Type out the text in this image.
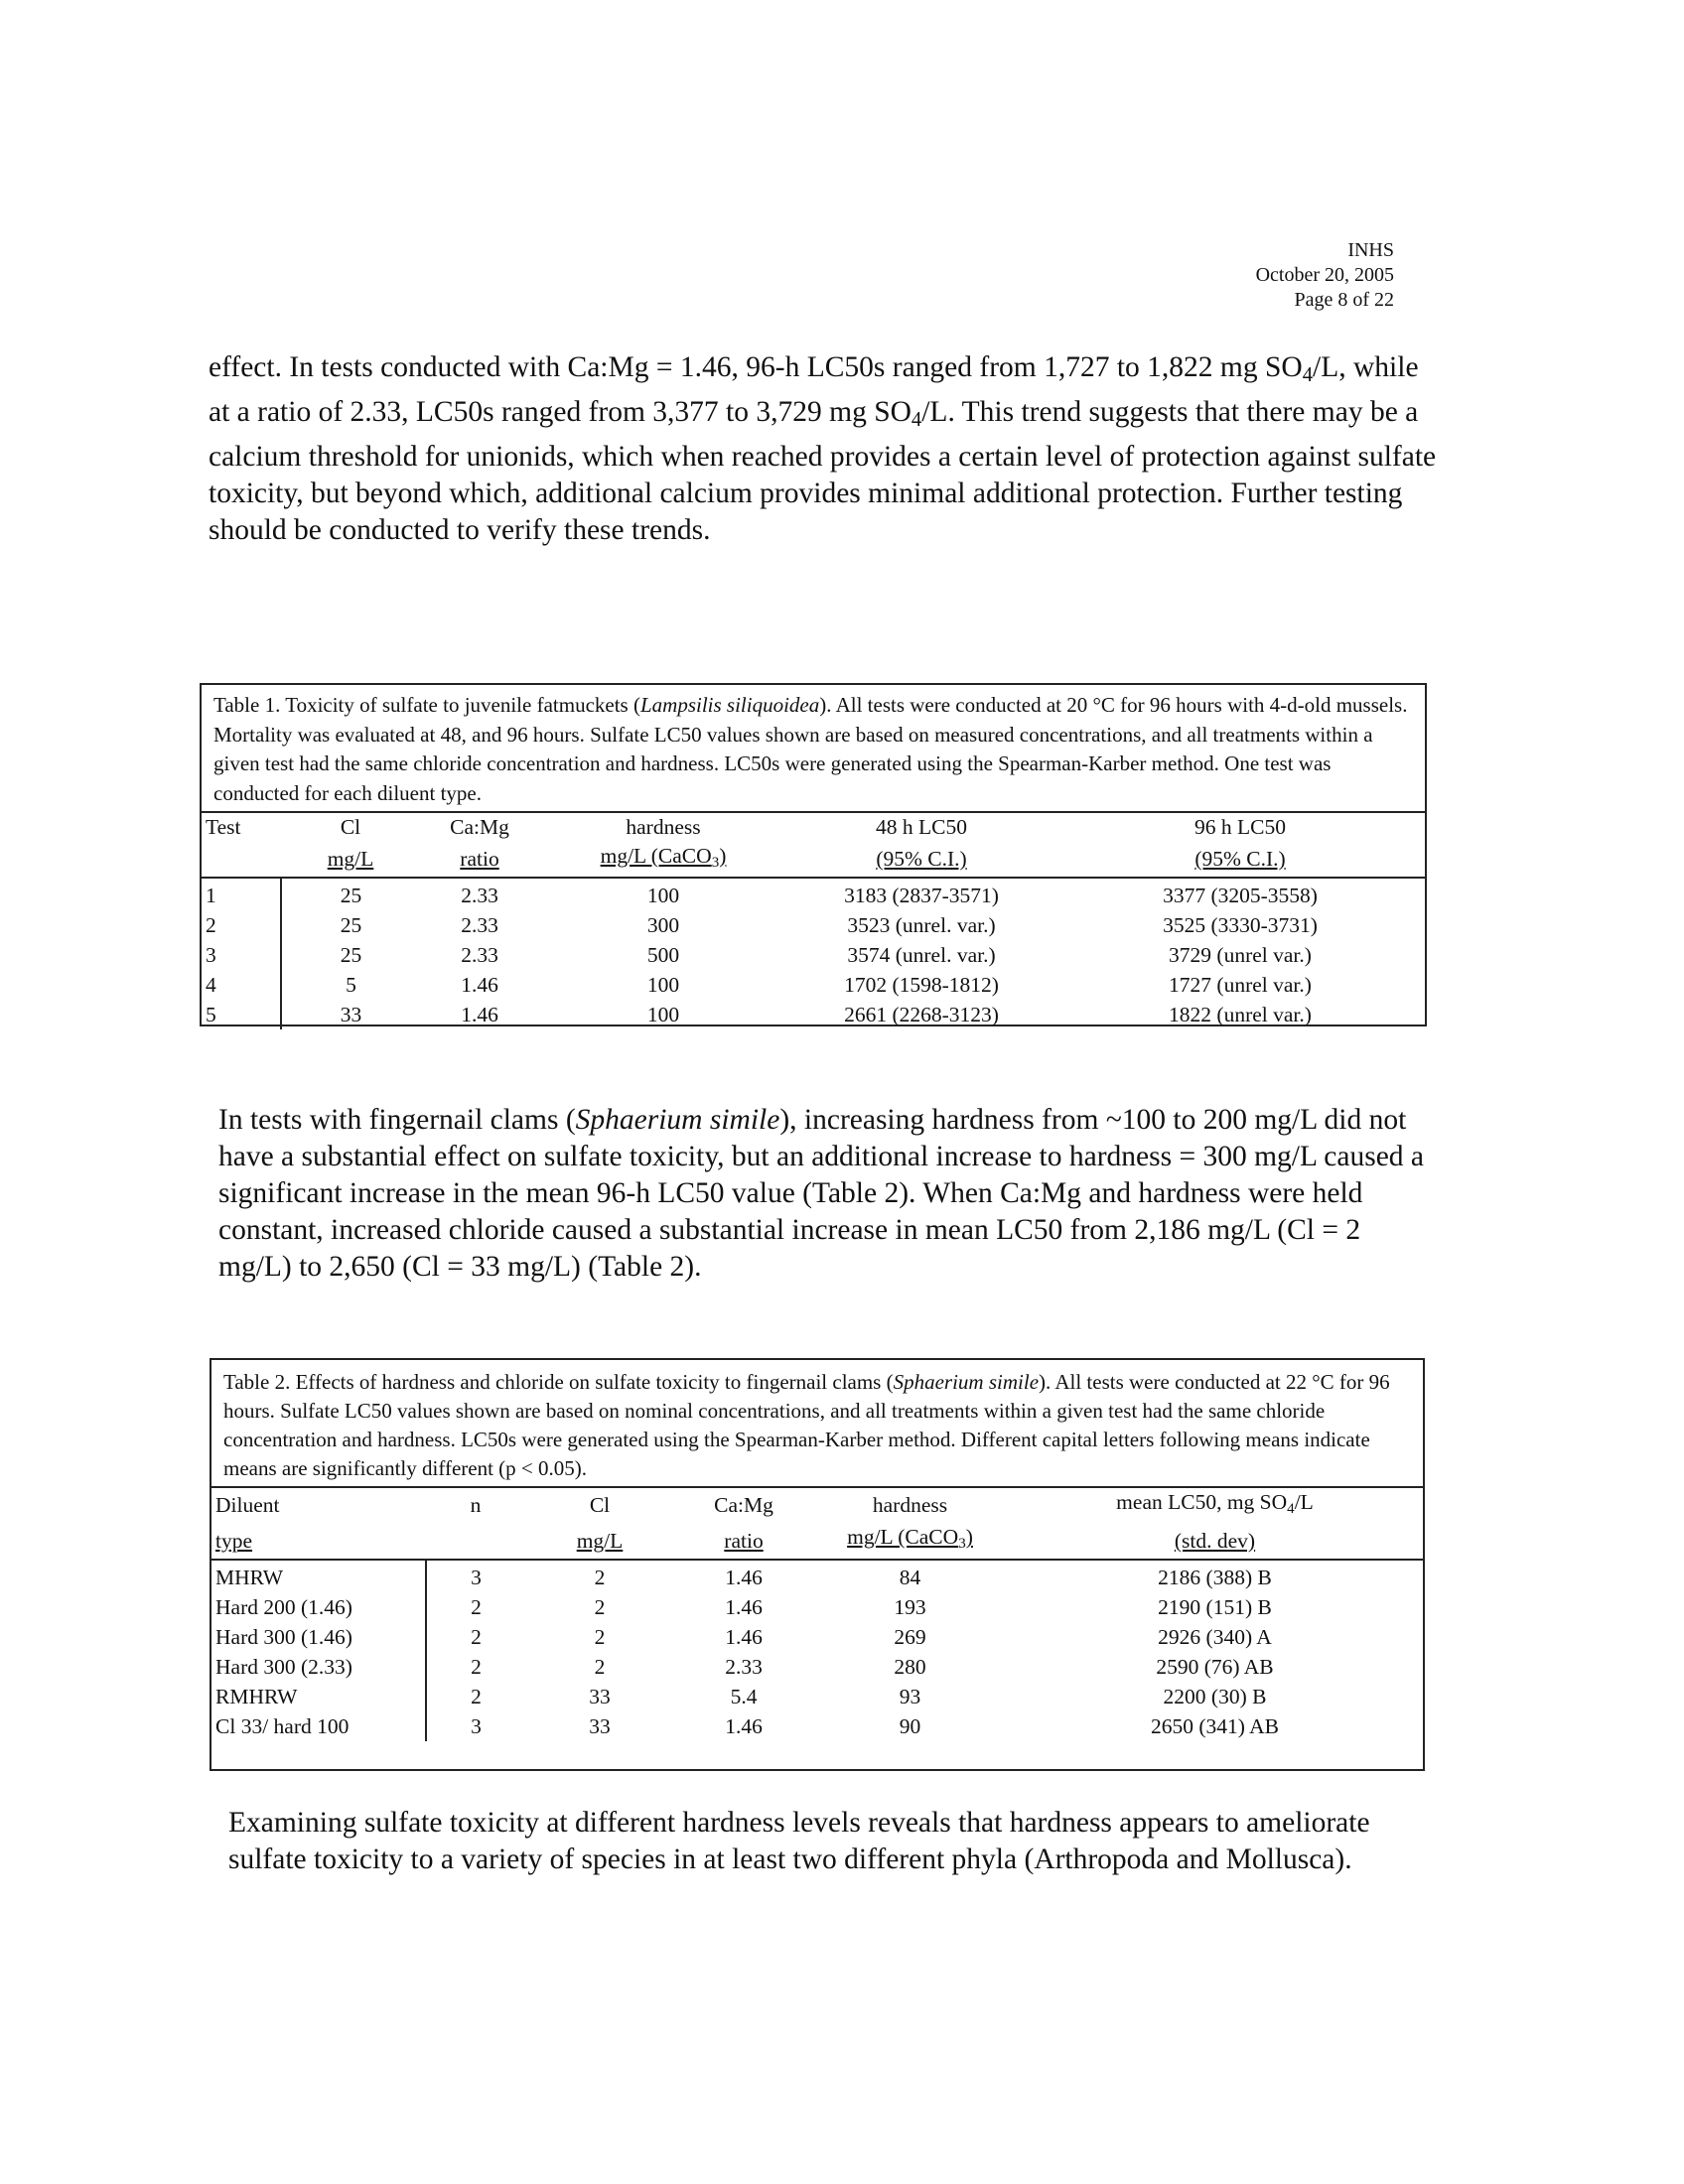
INHS
October 20, 2005
Page 8 of 22

effect. In tests conducted with Ca:Mg = 1.46, 96-h LC50s ranged from 1,727 to 1,822 mg $SO_4/L$, while at a ratio of 2.33, LC50s ranged from 3,377 to 3,729 mg $SO_4/L$. This trend suggests that there may be a calcium threshold for unionids, which when reached provides a certain level of protection against sulfate toxicity, but beyond which, additional calcium provides minimal additional protection. Further testing should be conducted to verify these trends.

Table 1. Toxicity of sulfate to juvenile fatmuckets (Lampsilis siliquoidea). All tests were conducted at 20 °C for 96 hours with 4-d-old mussels. Mortality was evaluated at 48, and 96 hours. Sulfate LC50 values shown are based on measured concentrations, and all treatments within a given test had the same chloride concentration and hardness. LC50s were generated using the Spearman-Karber method. One test was conducted for each diluent type.
Test	Cl	Ca:Mg	hardness	48 h LC50	96 h LC50
	mg/L	ratio	mg/L (CaCO$_3$)	(95% C.I.)	(95% C.I.)
1	25	2.33	100	3183 (2837-3571)	3377 (3205-3558)
2	25	2.33	300	3523 (unrel. var.)	3525 (3330-3731)
3	25	2.33	500	3574 (unrel. var.)	3729 (unrel var.)
4	5	1.46	100	1702 (1598-1812)	1727 (unrel var.)
5	33	1.46	100	2661 (2268-3123)	1822 (unrel var.)

In tests with fingernail clams (Sphaerium simile), increasing hardness from ~100 to 200 mg/L did not have a substantial effect on sulfate toxicity, but an additional increase to hardness = 300 mg/L caused a significant increase in the mean 96-h LC50 value (Table 2). When Ca:Mg and hardness were held constant, increased chloride caused a substantial increase in mean LC50 from 2,186 mg/L (Cl = 2 mg/L) to 2,650 (Cl = 33 mg/L) (Table 2).

Table 2. Effects of hardness and chloride on sulfate toxicity to fingernail clams (Sphaerium simile). All tests were conducted at 22 °C for 96 hours. Sulfate LC50 values shown are based on nominal concentrations, and all treatments within a given test had the same chloride concentration and hardness. LC50s were generated using the Spearman-Karber method. Different capital letters following means indicate means are significantly different (p < 0.05).
Diluent	n	Cl	Ca:Mg	hardness	mean LC50, mg $SO_4/L$
type		mg/L	ratio	mg/L (CaCO$_3$)	(std. dev)
MHRW	3	2	1.46	84	2186 (388) B
Hard 200 (1.46)	2	2	1.46	193	2190 (151) B
Hard 300 (1.46)	2	2	1.46	269	2926 (340) A
Hard 300 (2.33)	2	2	2.33	280	2590 (76) AB
RMHRW	2	33	5.4	93	2200 (30) B
Cl 33/ hard 100	3	33	1.46	90	2650 (341) AB

Examining sulfate toxicity at different hardness levels reveals that hardness appears to ameliorate sulfate toxicity to a variety of species in at least two different phyla (Arthropoda and Mollusca).
